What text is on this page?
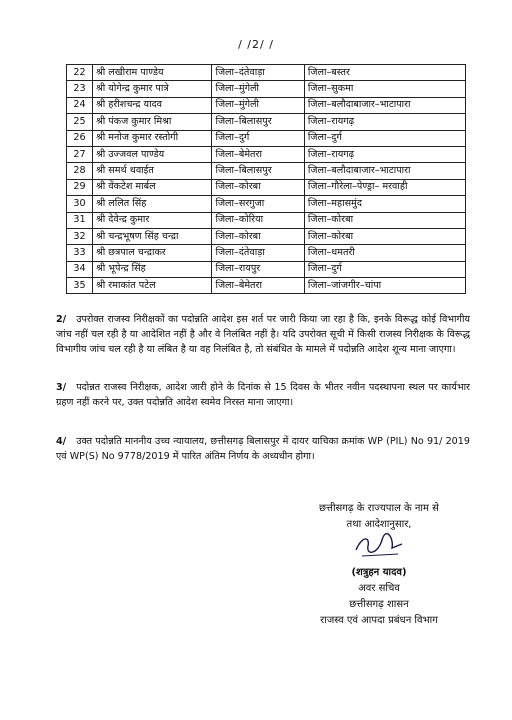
/ /2/ /
22	श्री लखीराम पाण्डेय	जिला–दंतेवाड़ा	जिला–बस्तर
23	श्री योगेन्द्र कुमार पात्रे	जिला–मुंगेली	जिला–सुकमा
24	श्री हरीशचन्द्र यादव	जिला–मुंगेली	जिला–बलौदाबाजार–भाटापारा
25	श्री पंकज कुमार मिश्रा	जिला–बिलासपुर	जिला–रायगढ़
26	श्री मनोज कुमार रस्तोगी	जिला–दुर्ग	जिला–दुर्ग
27	श्री उज्जवल पाण्डेय	जिला–बेमेतरा	जिला–रायगढ़
28	श्री समर्थ थवाईत	जिला–बिलासपुर	जिला–बलौदाबाजार–भाटापारा
29	श्री वेंकटेश मार्बल	जिला–कोरबा	जिला–गौरेला–पेण्ड्रा– मरवाही
30	श्री ललित सिंह	जिला–सरगुजा	जिला–महासमुंद
31	श्री देवेन्द्र कुमार	जिला–कोरिया	जिला–कोरबा
32	श्री चन्द्रभूषण सिंह चन्द्रा	जिला–कोरबा	जिला–कोरबा
33	श्री छत्रपाल चन्द्राकर	जिला–दंतेवाड़ा	जिला–धमतरी
34	श्री भूपेन्द्र सिंह	जिला–रायपुर	जिला–दुर्ग
35	श्री रमाकांत पटेल	जिला–बेमेतरा	जिला–जांजगीर–चांपा
2/ उपरोक्त राजस्व निरीक्षकों का पदोन्नति आदेश इस शर्त पर जारी किया जा रहा है कि, इनके विरूद्ध कोई विभागीय जांच नहीं चल रही है या आदेशित नहीं है और वे निलंबित नहीं है। यदि उपरोक्त सूची में किसी राजस्व निरीक्षक के विरूद्ध विभागीय जांच चल रही है या लंबित है या वह निलंबित है, तो संबंधित के मामले में पदोन्नति आदेश शून्य माना जाएगा।
3/ पदोन्नत राजस्व निरीक्षक, आदेश जारी होने के दिनांक से 15 दिवस के भीतर नवीन पदस्थापना स्थल पर कार्यभार ग्रहण नहीं करने पर, उक्त पदोन्नति आदेश स्वमेव निरस्त माना जाएगा।
4/ उक्त पदोन्नति माननीय उच्च न्यायालय, छत्तीसगढ़ बिलासपुर में दायर याचिका क्रमांक WP (PIL) No 91/ 2019 एवं WP(S) No 9778/2019 में पारित अंतिम निर्णय के अध्यधीन होगा।
छत्तीसगढ़ के राज्यपाल के नाम से
तथा आदेशानुसार,
(शत्रुहन यादव)
अवर सचिव
छत्तीसगढ़ शासन
राजस्व एवं आपदा प्रबंधन विभाग
